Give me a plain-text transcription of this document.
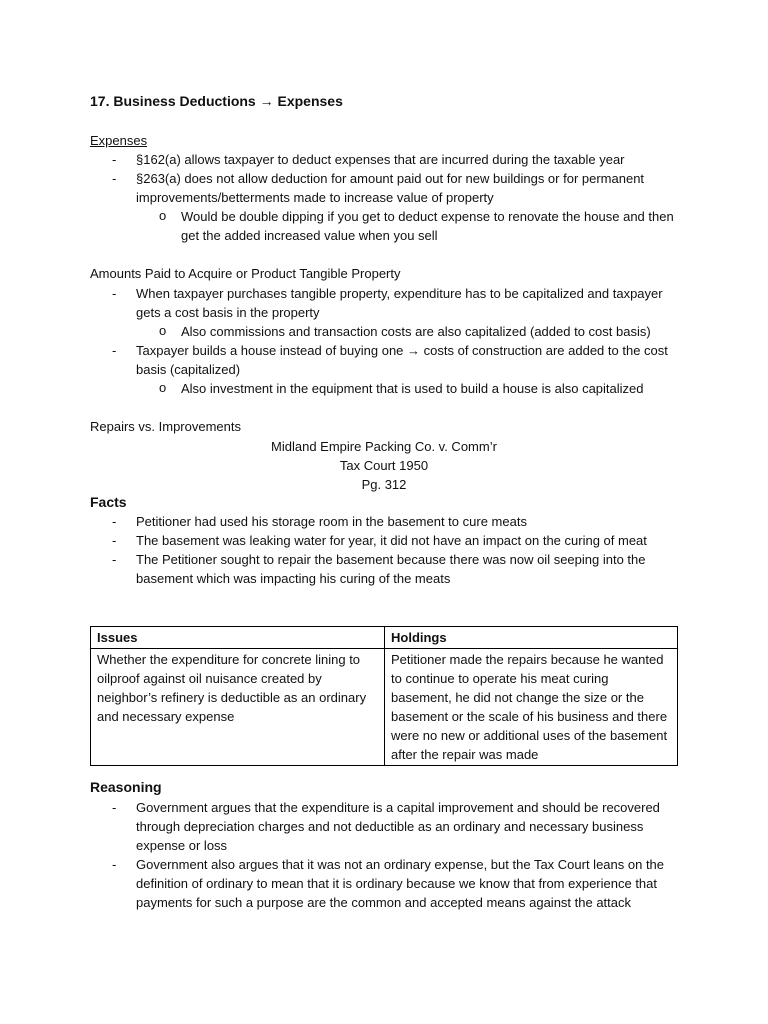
17. Business Deductions → Expenses
Expenses
- §162(a) allows taxpayer to deduct expenses that are incurred during the taxable year
- §263(a) does not allow deduction for amount paid out for new buildings or for permanent improvements/betterments made to increase value of property
o Would be double dipping if you get to deduct expense to renovate the house and then get the added increased value when you sell
Amounts Paid to Acquire or Product Tangible Property
- When taxpayer purchases tangible property, expenditure has to be capitalized and taxpayer gets a cost basis in the property
o Also commissions and transaction costs are also capitalized (added to cost basis)
- Taxpayer builds a house instead of buying one → costs of construction are added to the cost basis (capitalized)
o Also investment in the equipment that is used to build a house is also capitalized
Repairs vs. Improvements
Midland Empire Packing Co. v. Comm’r
Tax Court 1950
Pg. 312
Facts
- Petitioner had used his storage room in the basement to cure meats
- The basement was leaking water for year, it did not have an impact on the curing of meat
- The Petitioner sought to repair the basement because there was now oil seeping into the basement which was impacting his curing of the meats
Issues	Holdings
Whether the expenditure for concrete lining to oilproof against oil nuisance created by neighbor’s refinery is deductible as an ordinary and necessary expense	Petitioner made the repairs because he wanted to continue to operate his meat curing basement, he did not change the size or the basement or the scale of his business and there were no new or additional uses of the basement after the repair was made
Reasoning
- Government argues that the expenditure is a capital improvement and should be recovered through depreciation charges and not deductible as an ordinary and necessary business expense or loss
- Government also argues that it was not an ordinary expense, but the Tax Court leans on the definition of ordinary to mean that it is ordinary because we know that from experience that payments for such a purpose are the common and accepted means against the attack
